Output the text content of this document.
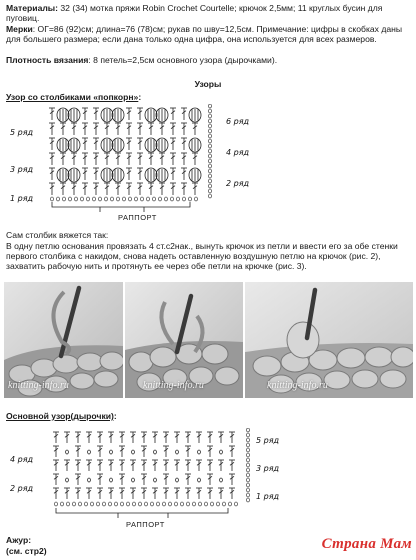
Материалы: 32 (34) мотка пряжи Robin Crochet Courtelle; крючок 2,5мм; 11 круглых бусин для пуговиц.
Мерки: ОГ=86 (92)см; длина=76 (78)см; рукав по шву=12,5см. Примечание: цифры в скобках даны для большего размера; если дана только одна цифра, она используется для всех размеров.
Плотность вязания: 8 петель=2,5см основного узора (дырочками).
Узоры
Узор со столбиками «попкорн»:
5 ряд
3 ряд
1 ряд
6 ряд
4 ряд
2 ряд
РАППОРТ
Сам столбик вяжется так:
В одну петлю основания провязать 4 ст.с2нак., вынуть крючок из петли и ввести его за обе стенки первого столбика с накидом, снова надеть оставленную воздушную петлю на крючок (рис. 2), захватить рабочую нить и протянуть ее через обе петли на крючке (рис. 3).
knitting-info.ru	knitting-info.ru	knitting-info.ru
Основной узор(дырочки):
4 ряд
2 ряд
5 ряд
3 ряд
1 ряд
РАППОРТ
Ажур:
(см. стр2)	Страна Мам
